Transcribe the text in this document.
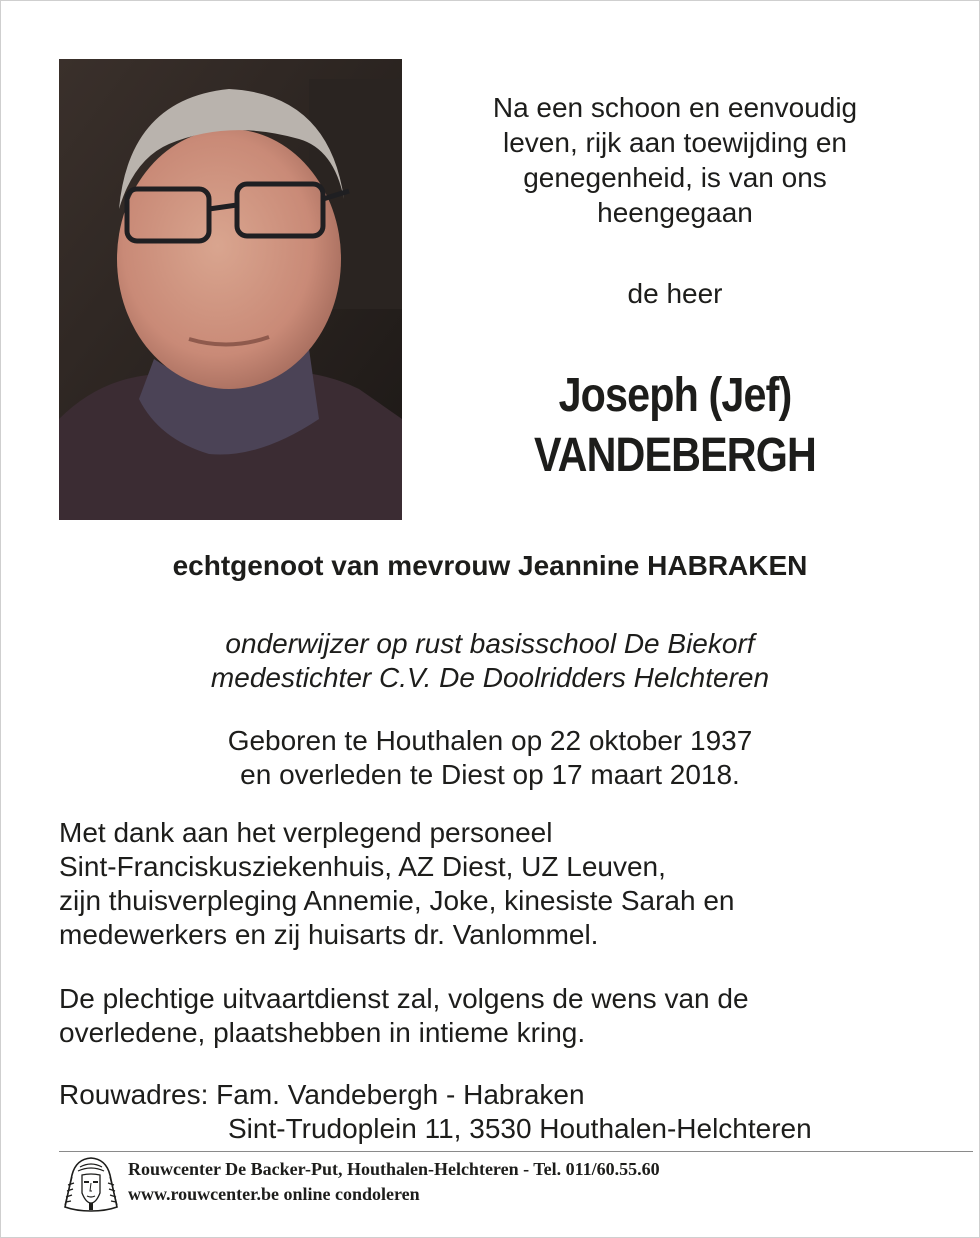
Na een schoon en eenvoudig
leven, rijk aan toewijding en
genegenheid, is van ons
heengegaan
de heer
Joseph (Jef)
VANDEBERGH
echtgenoot van mevrouw Jeannine HABRAKEN
onderwijzer op rust basisschool De Biekorf
medestichter C.V. De Doolridders Helchteren
Geboren te Houthalen op 22 oktober 1937
en overleden te Diest op 17 maart 2018.
Met dank aan het verplegend personeel
Sint-Franciskusziekenhuis, AZ Diest, UZ Leuven,
zijn thuisverpleging Annemie, Joke, kinesiste Sarah en
medewerkers en zij huisarts dr. Vanlommel.
De plechtige uitvaartdienst zal, volgens de wens van de
overledene, plaatshebben in intieme kring.
Rouwadres: Fam. Vandebergh - Habraken
Sint-Trudoplein 11, 3530 Houthalen-Helchteren
Rouwcenter De Backer-Put, Houthalen-Helchteren - Tel. 011/60.55.60
www.rouwcenter.be online condoleren
